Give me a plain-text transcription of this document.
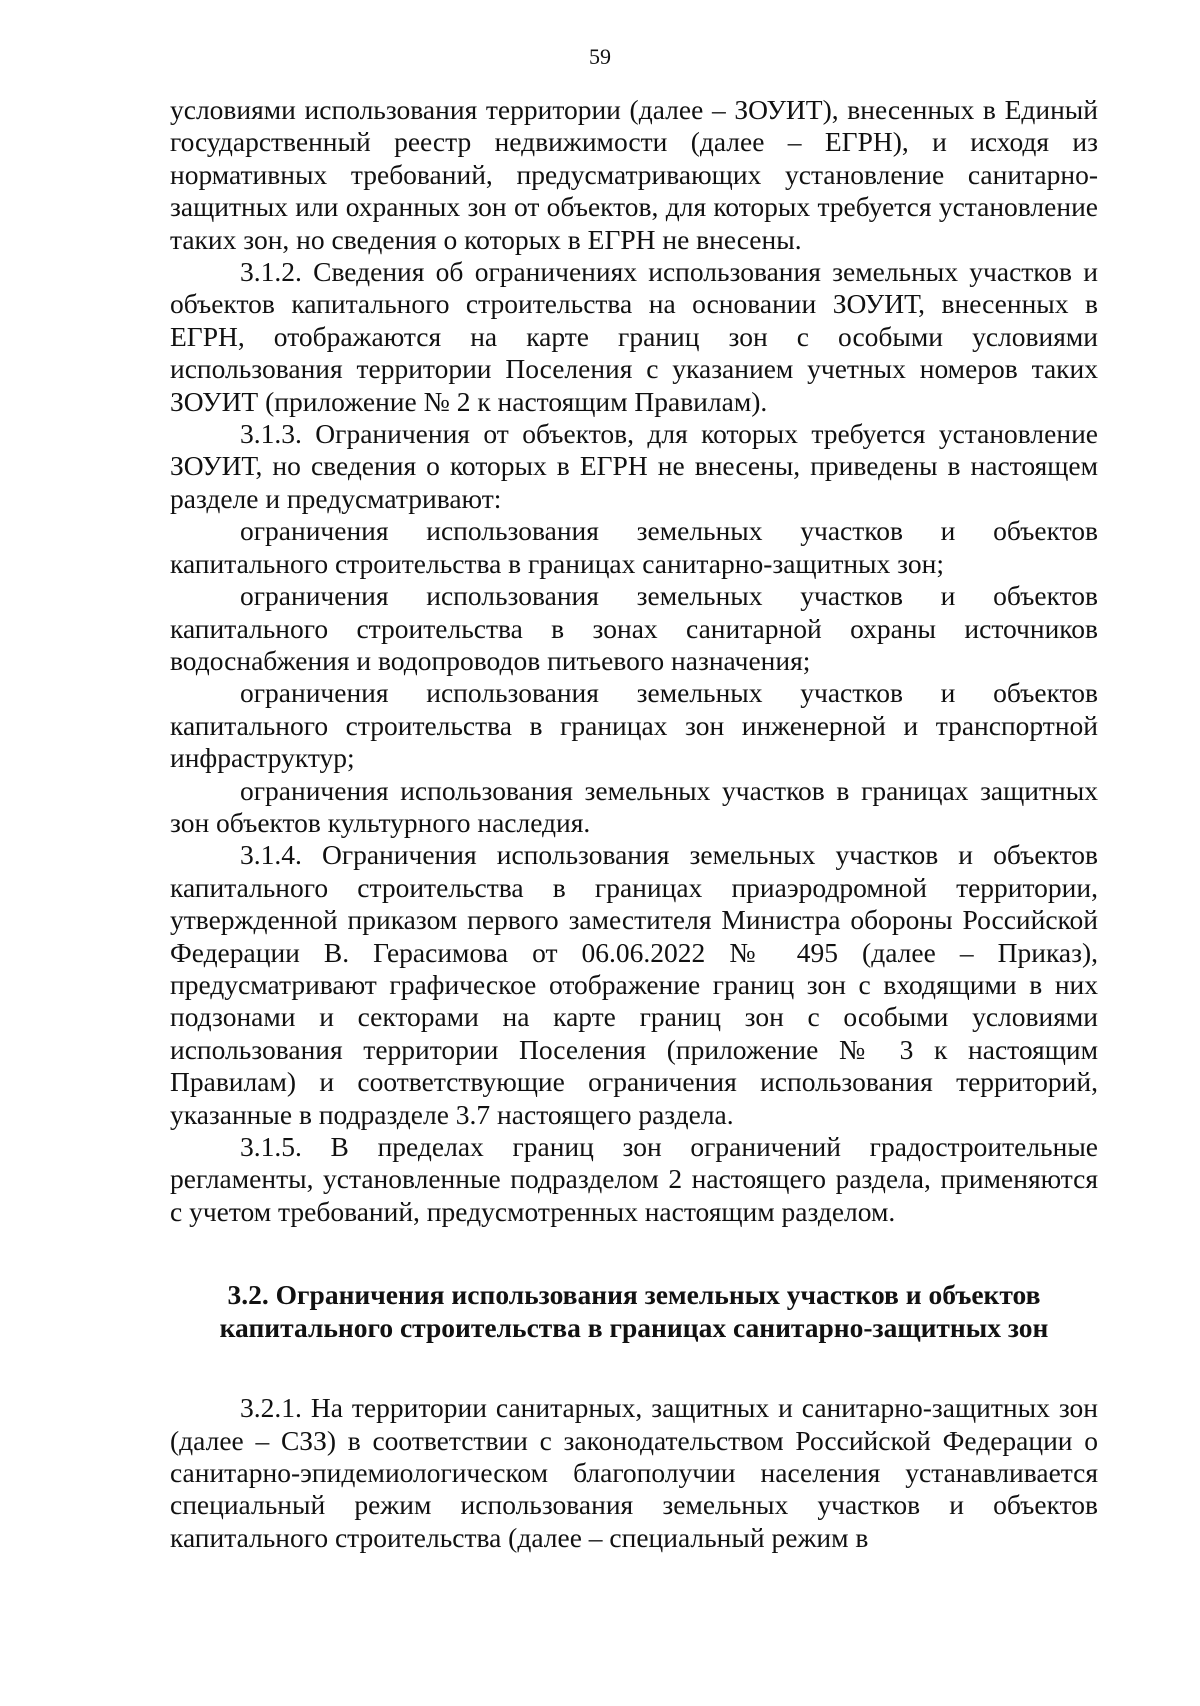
59

условиями использования территории (далее – ЗОУИТ), внесенных в Единый государственный реестр недвижимости (далее – ЕГРН), и исходя из нормативных требований, предусматривающих установление санитарно-защитных или охранных зон от объектов, для которых требуется установление таких зон, но сведения о которых в ЕГРН не внесены.

3.1.2. Сведения об ограничениях использования земельных участков и объектов капитального строительства на основании ЗОУИТ, внесенных в ЕГРН, отображаются на карте границ зон с особыми условиями использования территории Поселения с указанием учетных номеров таких ЗОУИТ (приложение № 2 к настоящим Правилам).

3.1.3. Ограничения от объектов, для которых требуется установление ЗОУИТ, но сведения о которых в ЕГРН не внесены, приведены в настоящем разделе и предусматривают:

ограничения использования земельных участков и объектов капитального строительства в границах санитарно-защитных зон;

ограничения использования земельных участков и объектов капитального строительства в зонах санитарной охраны источников водоснабжения и водопроводов питьевого назначения;

ограничения использования земельных участков и объектов капитального строительства в границах зон инженерной и транспортной инфраструктур;

ограничения использования земельных участков в границах защитных зон объектов культурного наследия.

3.1.4. Ограничения использования земельных участков и объектов капитального строительства в границах приаэродромной территории, утвержденной приказом первого заместителя Министра обороны Российской Федерации В. Герасимова от 06.06.2022 № 495 (далее – Приказ), предусматривают графическое отображение границ зон с входящими в них подзонами и секторами на карте границ зон с особыми условиями использования территории Поселения (приложение № 3 к настоящим Правилам) и соответствующие ограничения использования территорий, указанные в подразделе 3.7 настоящего раздела.

3.1.5. В пределах границ зон ограничений градостроительные регламенты, установленные подразделом 2 настоящего раздела, применяются с учетом требований, предусмотренных настоящим разделом.

3.2. Ограничения использования земельных участков и объектов
капитального строительства в границах санитарно-защитных зон

3.2.1. На территории санитарных, защитных и санитарно-защитных зон (далее – СЗЗ) в соответствии с законодательством Российской Федерации о санитарно-эпидемиологическом благополучии населения устанавливается специальный режим использования земельных участков и объектов капитального строительства (далее – специальный режим в
